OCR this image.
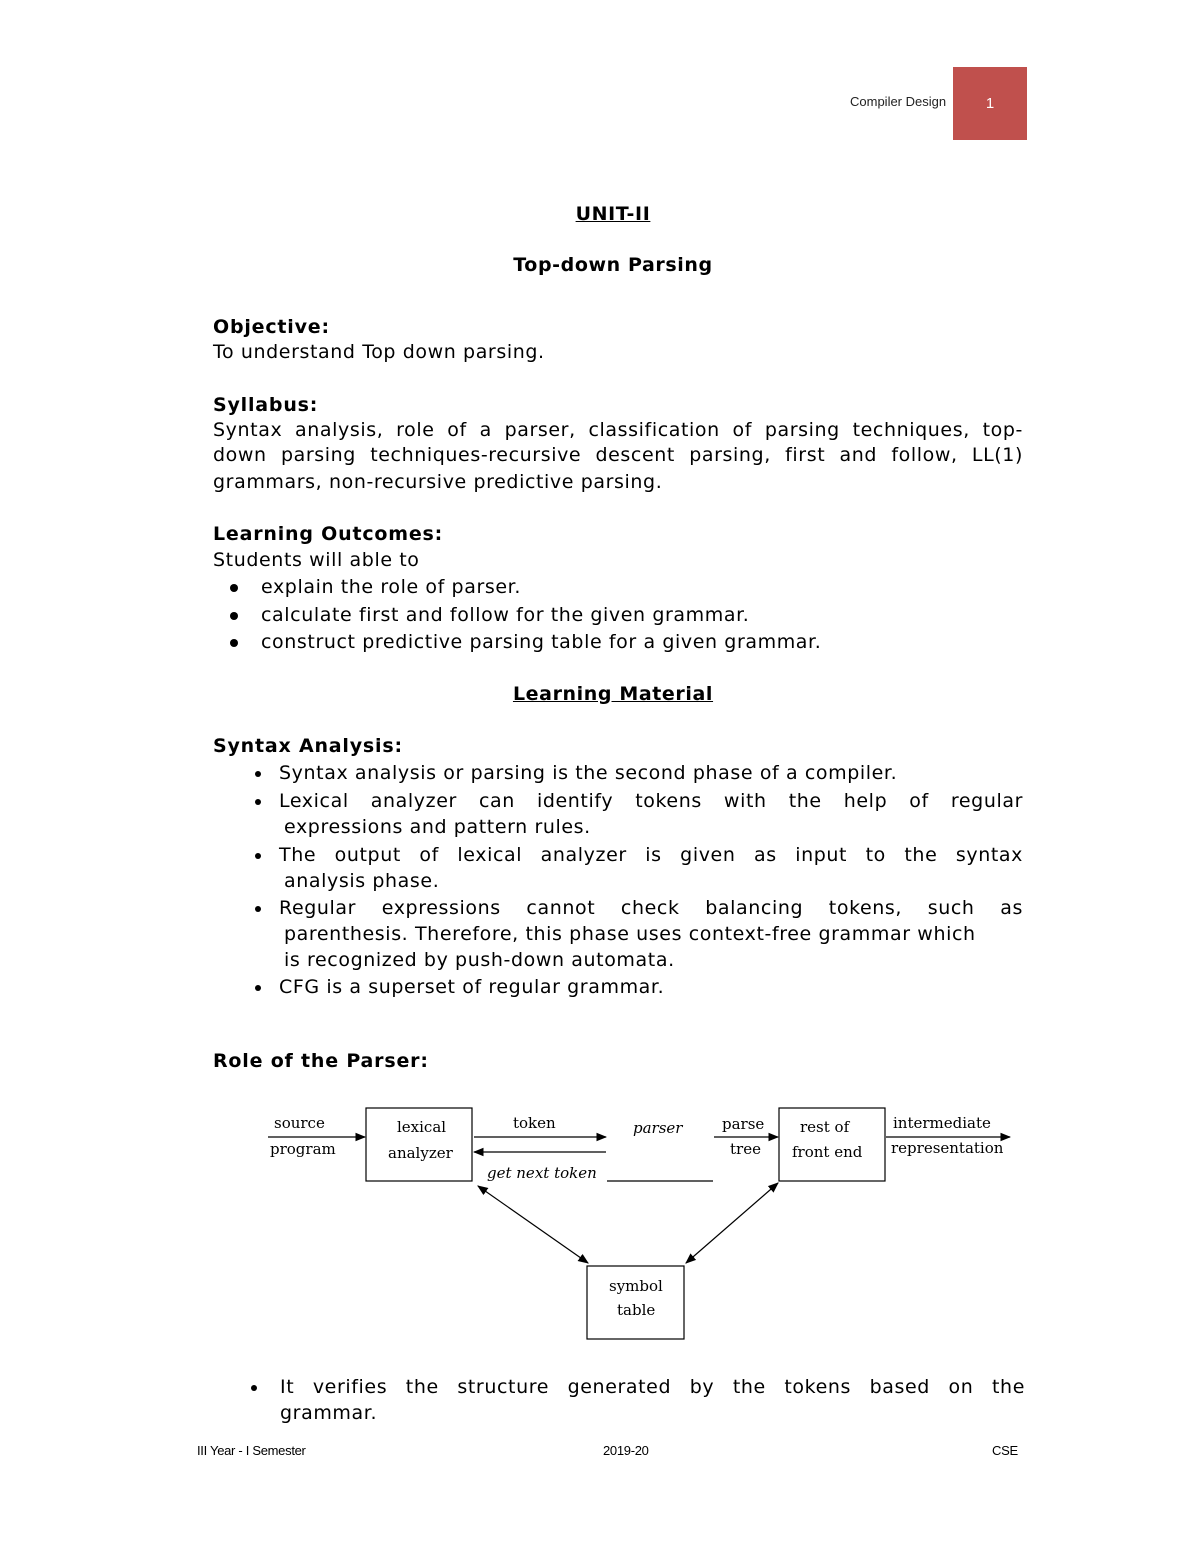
Compiler Design	1
UNIT-II
Top-down Parsing
Objective:
To understand Top down parsing.
Syllabus:
Syntax analysis, role of a parser, classification of parsing techniques, top-
down parsing techniques-recursive descent parsing, first and follow, LL(1)
grammars, non-recursive predictive parsing.
Learning Outcomes:
Students will able to
explain the role of parser.
calculate first and follow for the given grammar.
construct predictive parsing table for a given grammar.
Learning Material
Syntax Analysis:
Syntax analysis or parsing is the second phase of a compiler.
Lexical analyzer can identify tokens with the help of regular
expressions and pattern rules.
The output of lexical analyzer is given as input to the syntax
analysis phase.
Regular expressions cannot check balancing tokens, such as
parenthesis. Therefore, this phase uses context-free grammar which
is recognized by push-down automata.
CFG is a superset of regular grammar.
Role of the Parser:
source
program
lexical
analyzer
token	parser
get next token
parse
tree
rest of
front end
intermediate
representation
symbol
table
It verifies the structure generated by the tokens based on the
grammar.
III Year - I Semester	2019-20	CSE
